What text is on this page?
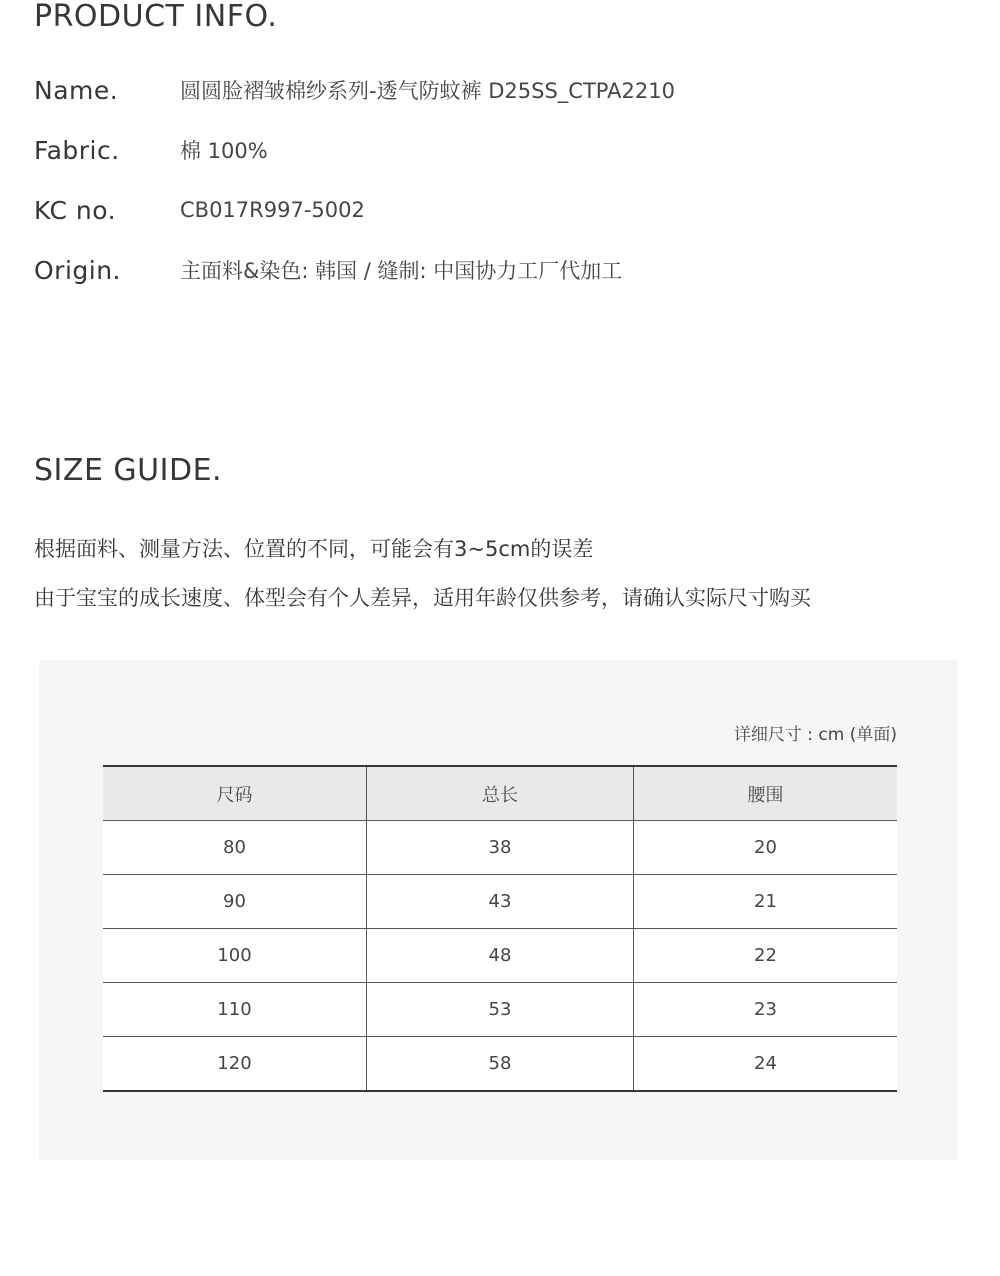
PRODUCT INFO.
Name.	圆圆脸褶皱棉纱系列-透气防蚊裤 D25SS_CTPA2210
Fabric.	棉 100%
KC no.	CB017R997-5002
Origin.	主面料&染色: 韩国 / 缝制: 中国协力工厂代加工
SIZE GUIDE.
根据面料、测量方法、位置的不同，可能会有3~5cm的误差
由于宝宝的成长速度、体型会有个人差异，适用年龄仅供参考，请确认实际尺寸购买
详细尺寸 : cm (单面)
尺码	总长	腰围
80	38	20
90	43	21
100	48	22
110	53	23
120	58	24
